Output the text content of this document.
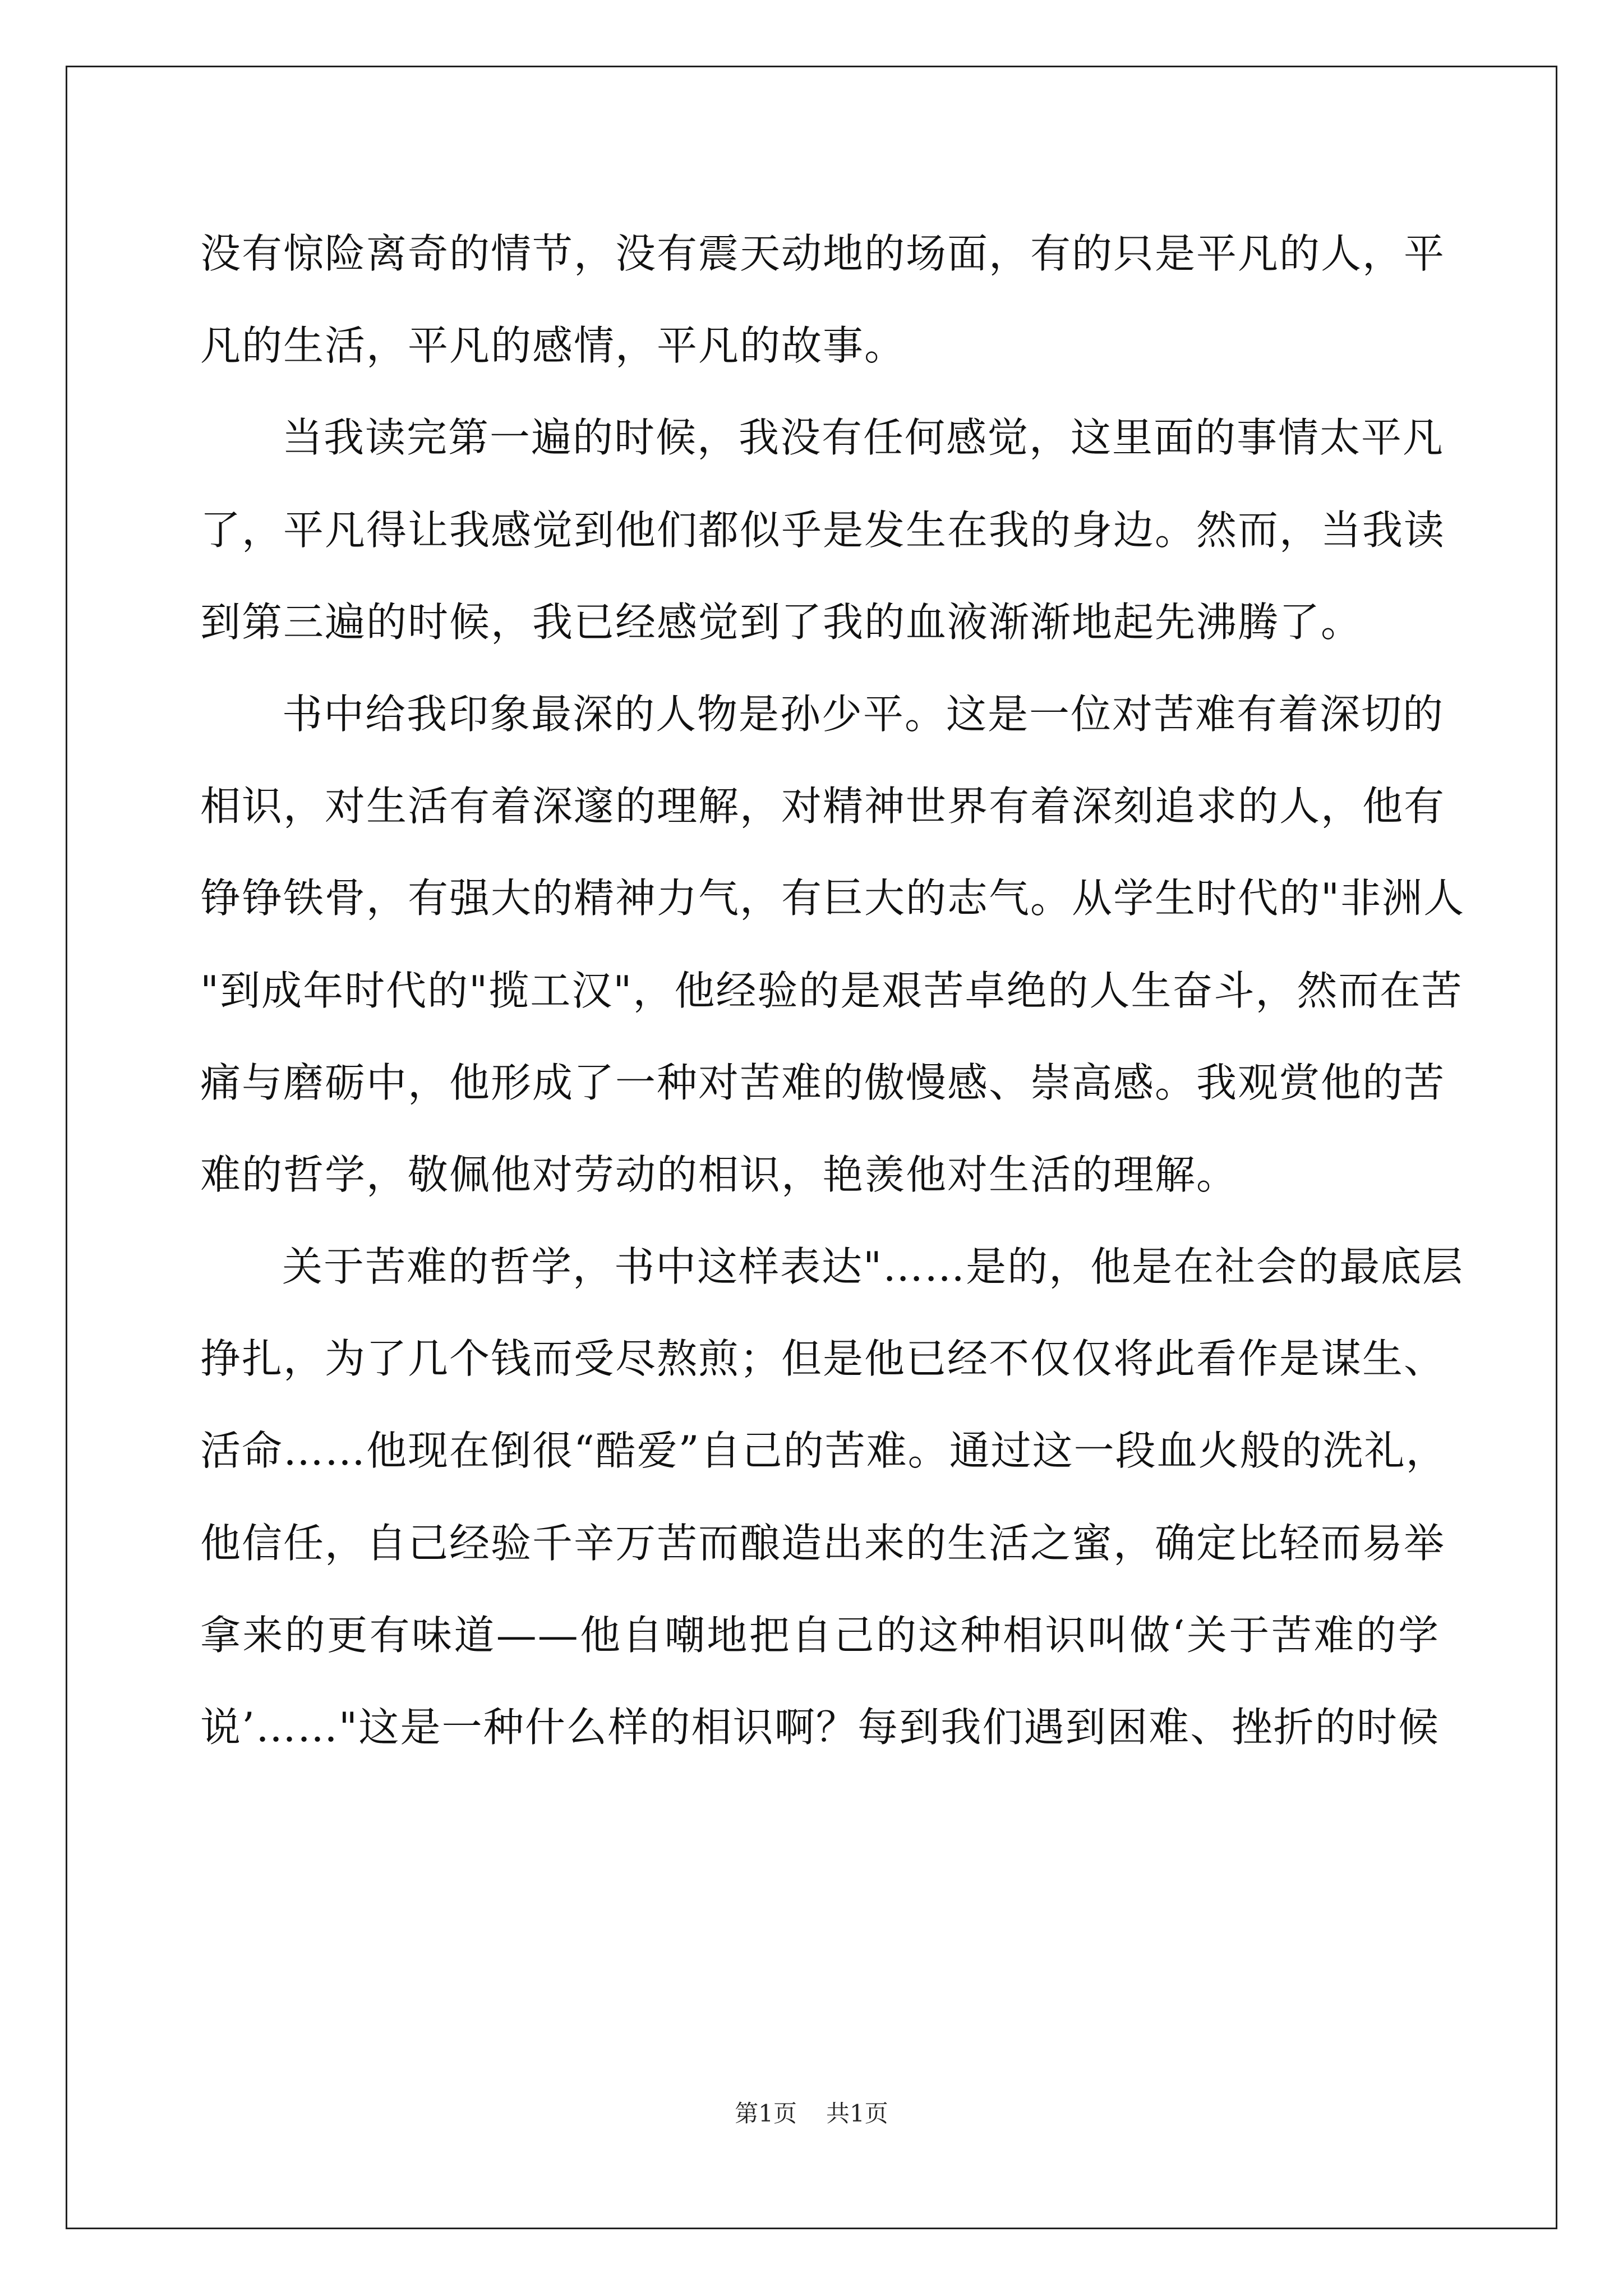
没有惊险离奇的情节，没有震天动地的场面，有的只是平凡的人，平
凡的生活，平凡的感情，平凡的故事。
当我读完第一遍的时候，我没有任何感觉，这里面的事情太平凡
了，平凡得让我感觉到他们都似乎是发生在我的身边。然而，当我读
到第三遍的时候，我已经感觉到了我的血液渐渐地起先沸腾了。
书中给我印象最深的人物是孙少平。这是一位对苦难有着深切的
相识，对生活有着深邃的理解，对精神世界有着深刻追求的人，他有
铮铮铁骨，有强大的精神力气，有巨大的志气。从学生时代的"非洲人
"到成年时代的"揽工汉"，他经验的是艰苦卓绝的人生奋斗，然而在苦
痛与磨砺中，他形成了一种对苦难的傲慢感、崇高感。我观赏他的苦
难的哲学，敬佩他对劳动的相识，艳羡他对生活的理解。
关于苦难的哲学，书中这样表达"……是的，他是在社会的最底层
挣扎，为了几个钱而受尽熬煎；但是他已经不仅仅将此看作是谋生、
活命……他现在倒很“酷爱”自己的苦难。通过这一段血火般的洗礼，
他信任，自己经验千辛万苦而酿造出来的生活之蜜，确定比轻而易举
拿来的更有味道——他自嘲地把自己的这种相识叫做‘关于苦难的学
说’……"这是一种什么样的相识啊？每到我们遇到困难、挫折的时候
第1页 共1页
